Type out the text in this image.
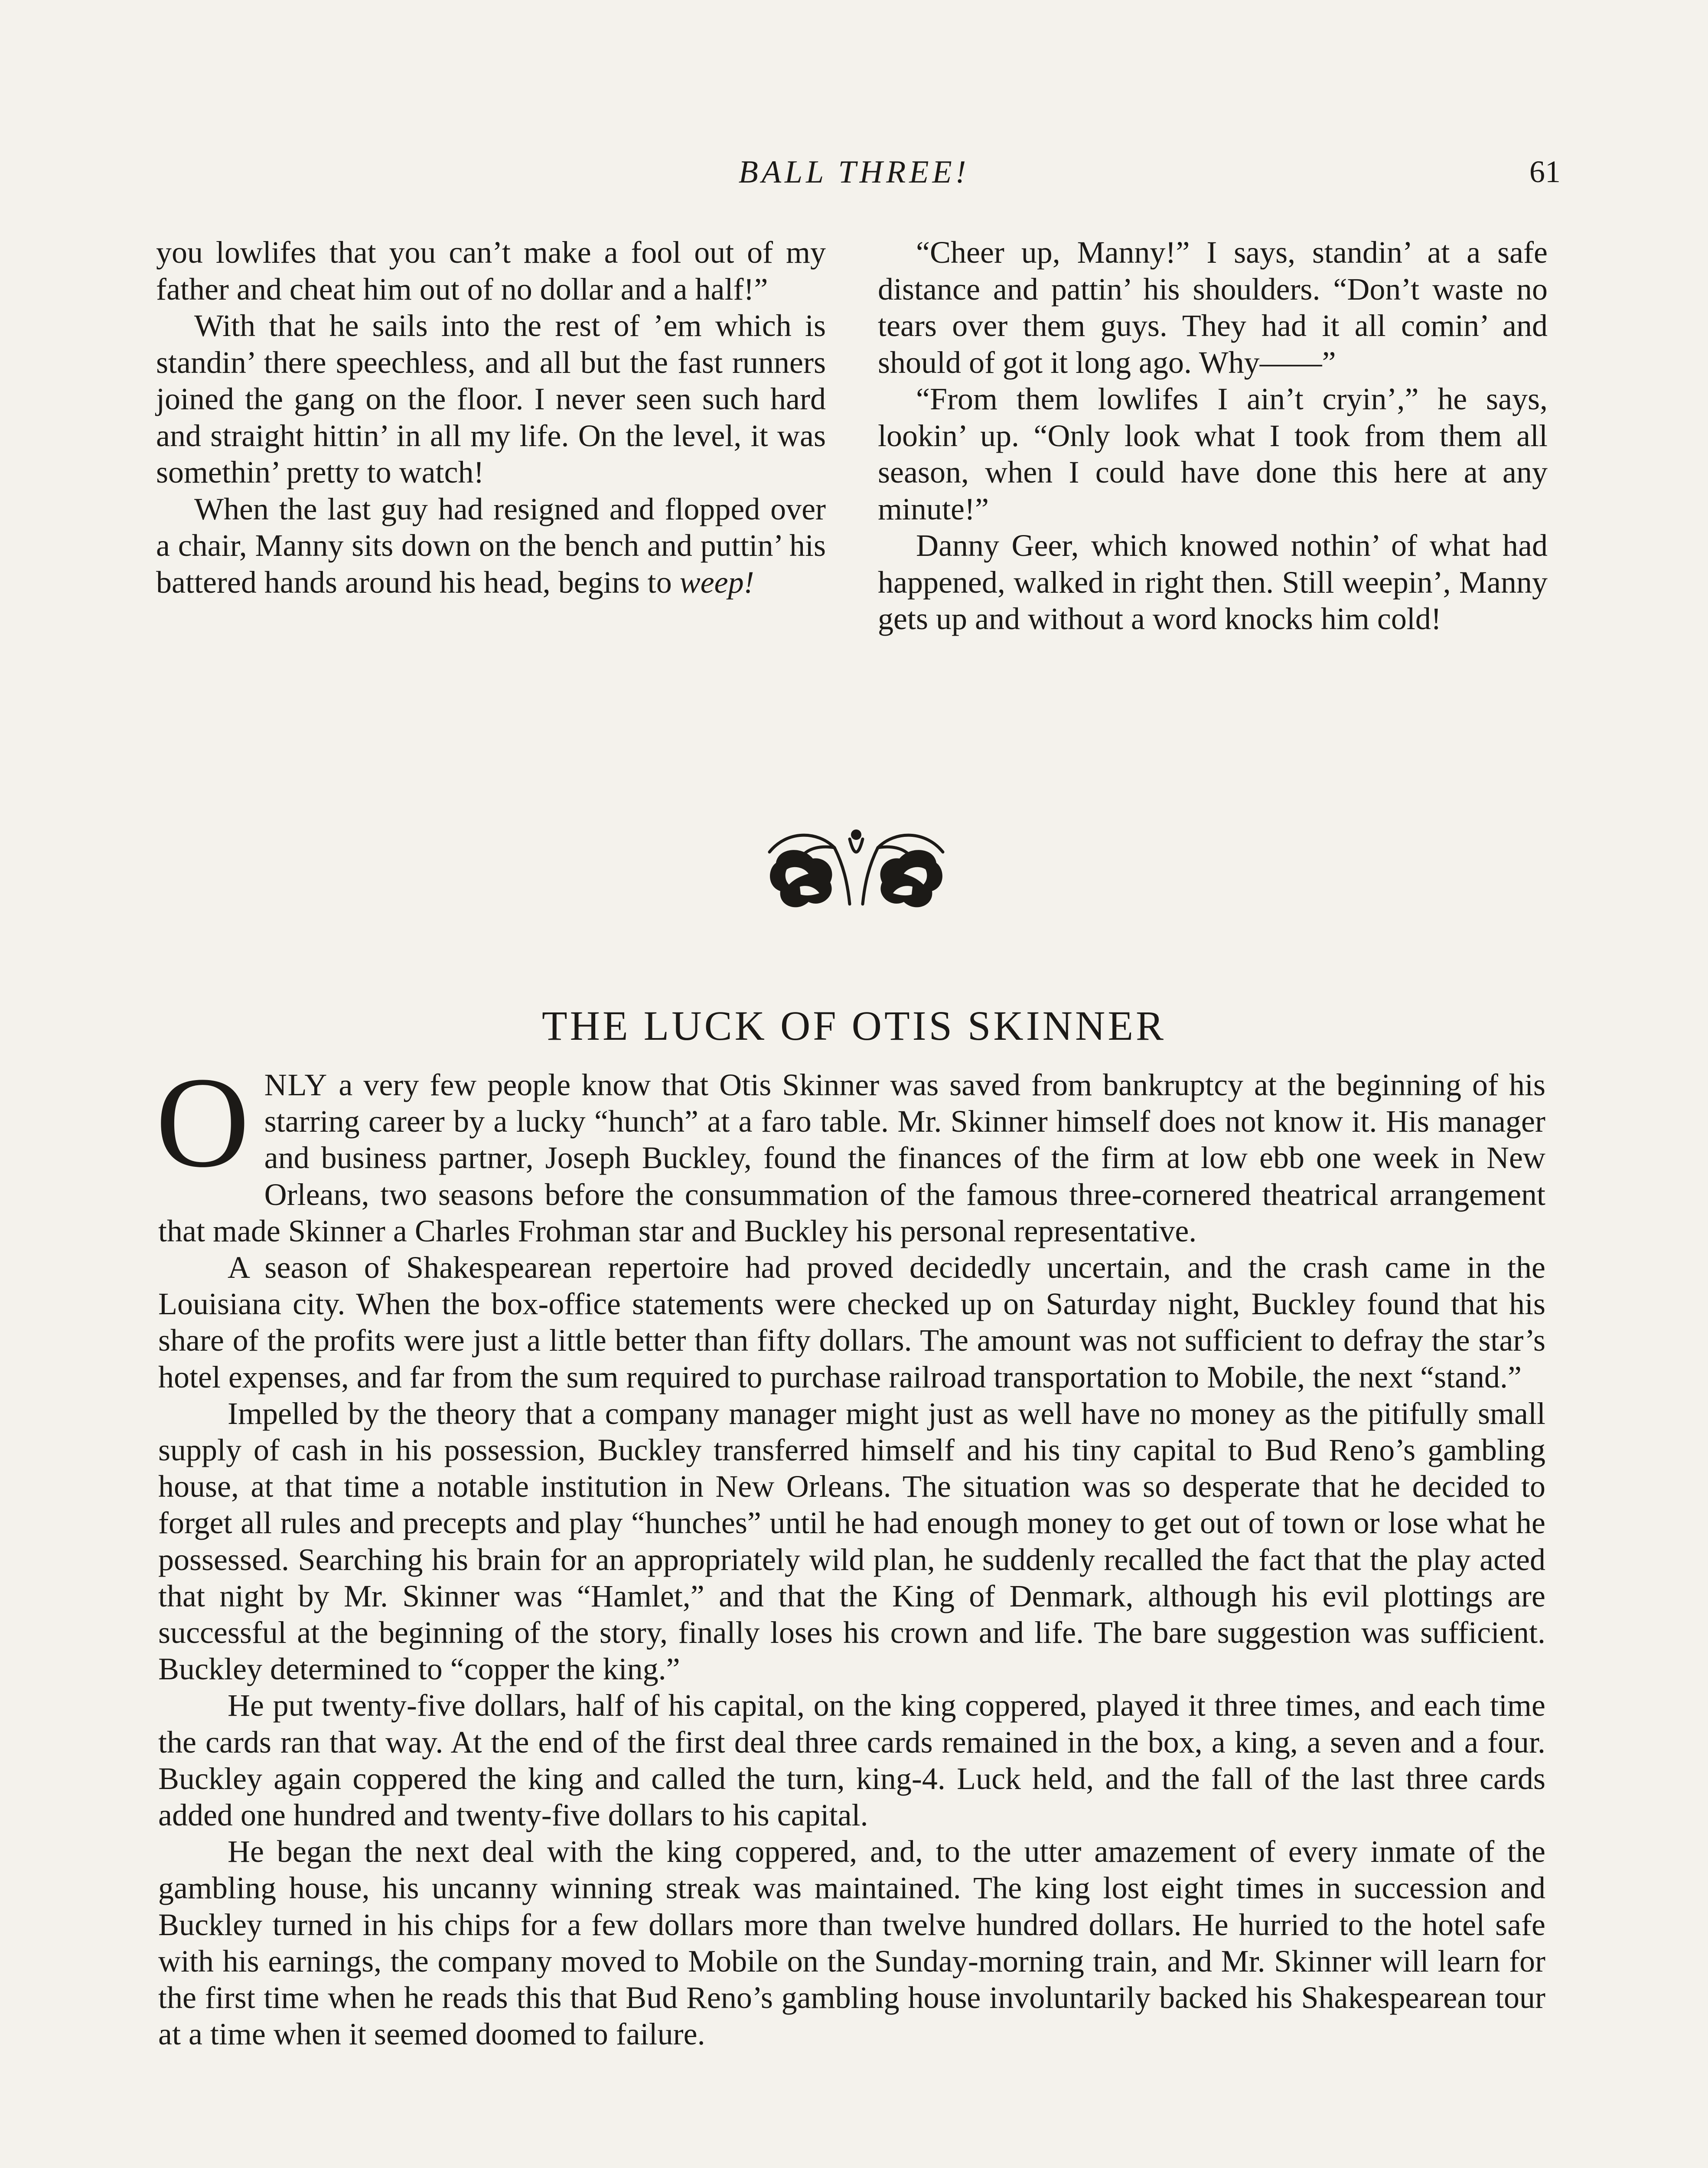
BALL THREE!	61

you lowlifes that you can’t make a fool out of my father and cheat him out of no dollar and a half!”

With that he sails into the rest of ’em which is standin’ there speechless, and all but the fast runners joined the gang on the floor. I never seen such hard and straight hittin’ in all my life. On the level, it was somethin’ pretty to watch!

When the last guy had resigned and flopped over a chair, Manny sits down on the bench and puttin’ his battered hands around his head, begins to weep!

“Cheer up, Manny!” I says, standin’ at a safe distance and pattin’ his shoulders. “Don’t waste no tears over them guys. They had it all comin’ and should of got it long ago. Why——”

“From them lowlifes I ain’t cryin’,” he says, lookin’ up. “Only look what I took from them all season, when I could have done this here at any minute!”

Danny Geer, which knowed nothin’ of what had happened, walked in right then. Still weepin’, Manny gets up and without a word knocks him cold!

THE LUCK OF OTIS SKINNER

ONLY a very few people know that Otis Skinner was saved from bankruptcy at the beginning of his starring career by a lucky “hunch” at a faro table. Mr. Skinner himself does not know it. His manager and business partner, Joseph Buckley, found the finances of the firm at low ebb one week in New Orleans, two seasons before the consummation of the famous three-cornered theatrical arrangement that made Skinner a Charles Frohman star and Buckley his personal representative.

A season of Shakespearean repertoire had proved decidedly uncertain, and the crash came in the Louisiana city. When the box-office statements were checked up on Saturday night, Buckley found that his share of the profits were just a little better than fifty dollars. The amount was not sufficient to defray the star’s hotel expenses, and far from the sum required to purchase railroad transportation to Mobile, the next “stand.”

Impelled by the theory that a company manager might just as well have no money as the pitifully small supply of cash in his possession, Buckley transferred himself and his tiny capital to Bud Reno’s gambling house, at that time a notable institution in New Orleans. The situation was so desperate that he decided to forget all rules and precepts and play “hunches” until he had enough money to get out of town or lose what he possessed. Searching his brain for an appropriately wild plan, he suddenly recalled the fact that the play acted that night by Mr. Skinner was “Hamlet,” and that the King of Denmark, although his evil plottings are successful at the beginning of the story, finally loses his crown and life. The bare suggestion was sufficient. Buckley determined to “copper the king.”

He put twenty-five dollars, half of his capital, on the king coppered, played it three times, and each time the cards ran that way. At the end of the first deal three cards remained in the box, a king, a seven and a four. Buckley again coppered the king and called the turn, king-4. Luck held, and the fall of the last three cards added one hundred and twenty-five dollars to his capital.

He began the next deal with the king coppered, and, to the utter amazement of every inmate of the gambling house, his uncanny winning streak was maintained. The king lost eight times in succession and Buckley turned in his chips for a few dollars more than twelve hundred dollars. He hurried to the hotel safe with his earnings, the company moved to Mobile on the Sunday-morning train, and Mr. Skinner will learn for the first time when he reads this that Bud Reno’s gambling house involuntarily backed his Shakespearean tour at a time when it seemed doomed to failure.
